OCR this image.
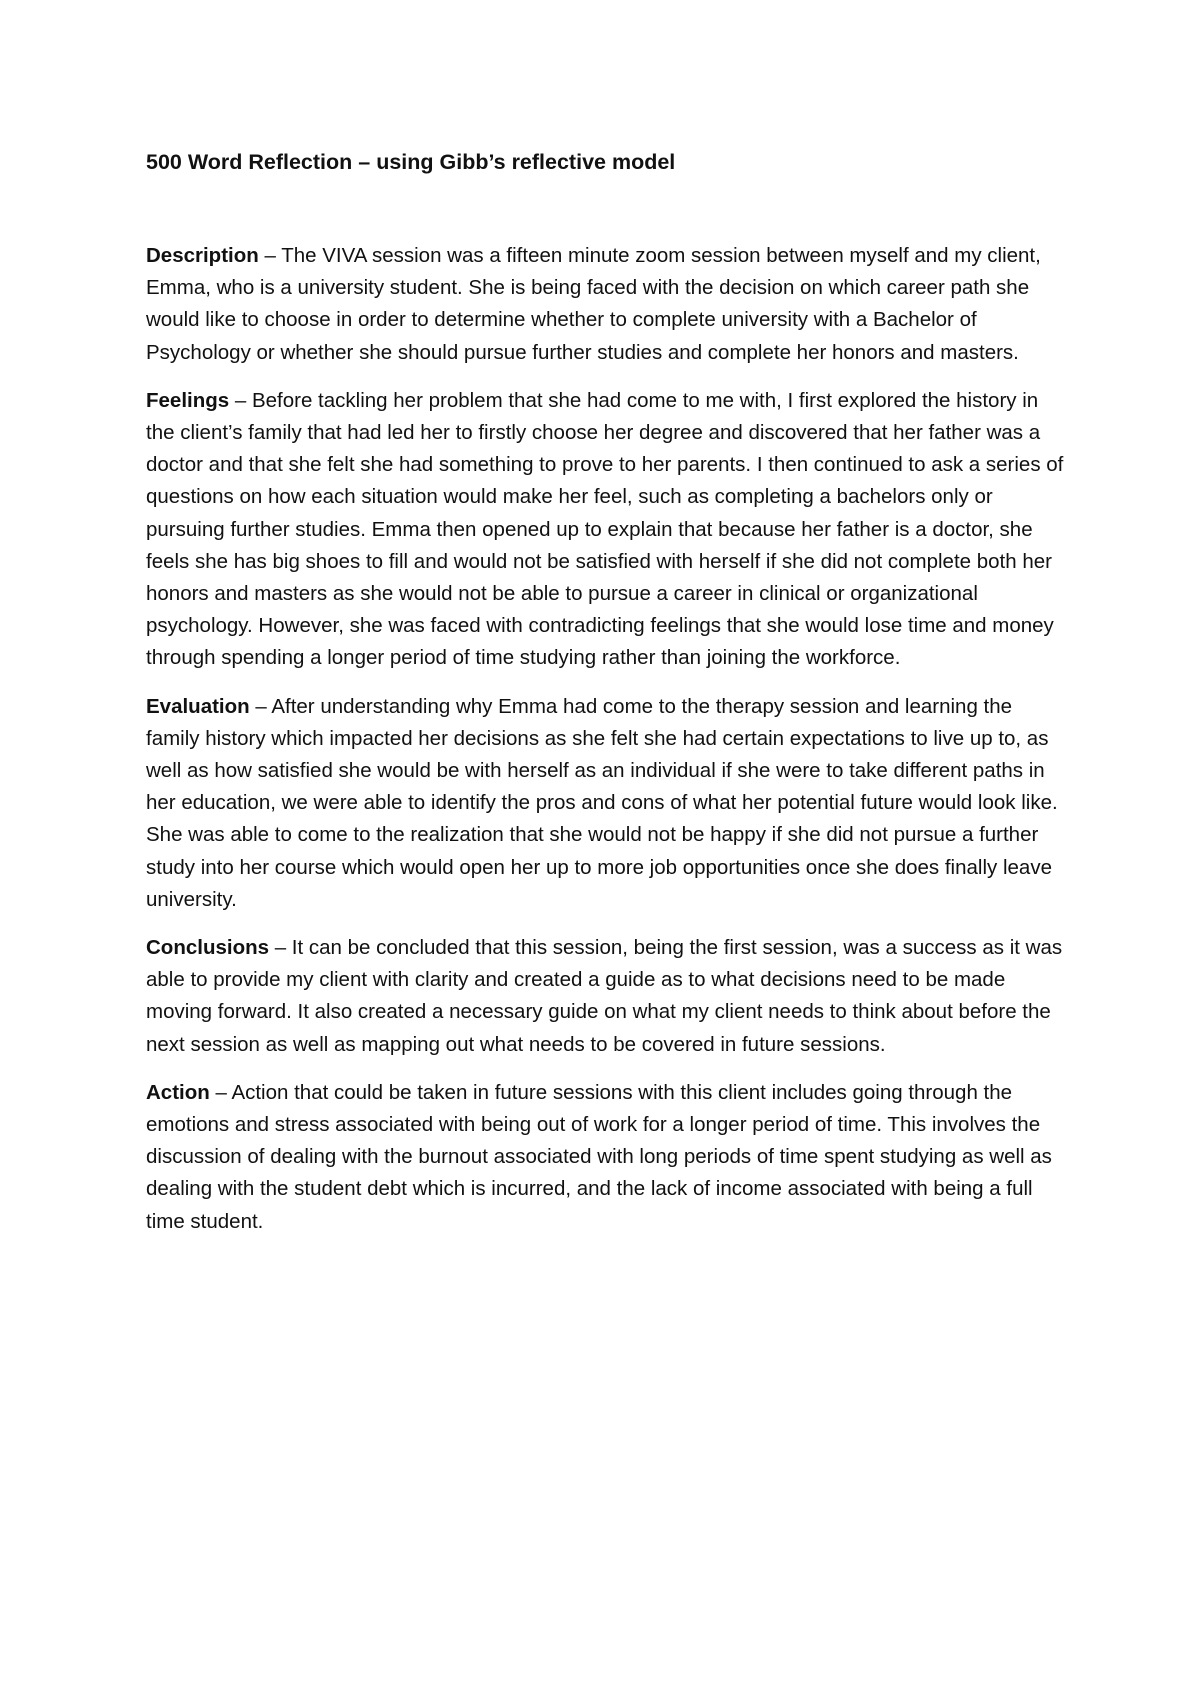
500 Word Reflection – using Gibb’s reflective model

Description – The VIVA session was a fifteen minute zoom session between myself and my client, Emma, who is a university student. She is being faced with the decision on which career path she would like to choose in order to determine whether to complete university with a Bachelor of Psychology or whether she should pursue further studies and complete her honors and masters.

Feelings – Before tackling her problem that she had come to me with, I first explored the history in the client’s family that had led her to firstly choose her degree and discovered that her father was a doctor and that she felt she had something to prove to her parents. I then continued to ask a series of questions on how each situation would make her feel, such as completing a bachelors only or pursuing further studies. Emma then opened up to explain that because her father is a doctor, she feels she has big shoes to fill and would not be satisfied with herself if she did not complete both her honors and masters as she would not be able to pursue a career in clinical or organizational psychology. However, she was faced with contradicting feelings that she would lose time and money through spending a longer period of time studying rather than joining the workforce.

Evaluation – After understanding why Emma had come to the therapy session and learning the family history which impacted her decisions as she felt she had certain expectations to live up to, as well as how satisfied she would be with herself as an individual if she were to take different paths in her education, we were able to identify the pros and cons of what her potential future would look like. She was able to come to the realization that she would not be happy if she did not pursue a further study into her course which would open her up to more job opportunities once she does finally leave university.

Conclusions – It can be concluded that this session, being the first session, was a success as it was able to provide my client with clarity and created a guide as to what decisions need to be made moving forward. It also created a necessary guide on what my client needs to think about before the next session as well as mapping out what needs to be covered in future sessions.

Action – Action that could be taken in future sessions with this client includes going through the emotions and stress associated with being out of work for a longer period of time. This involves the discussion of dealing with the burnout associated with long periods of time spent studying as well as dealing with the student debt which is incurred, and the lack of income associated with being a full time student.
